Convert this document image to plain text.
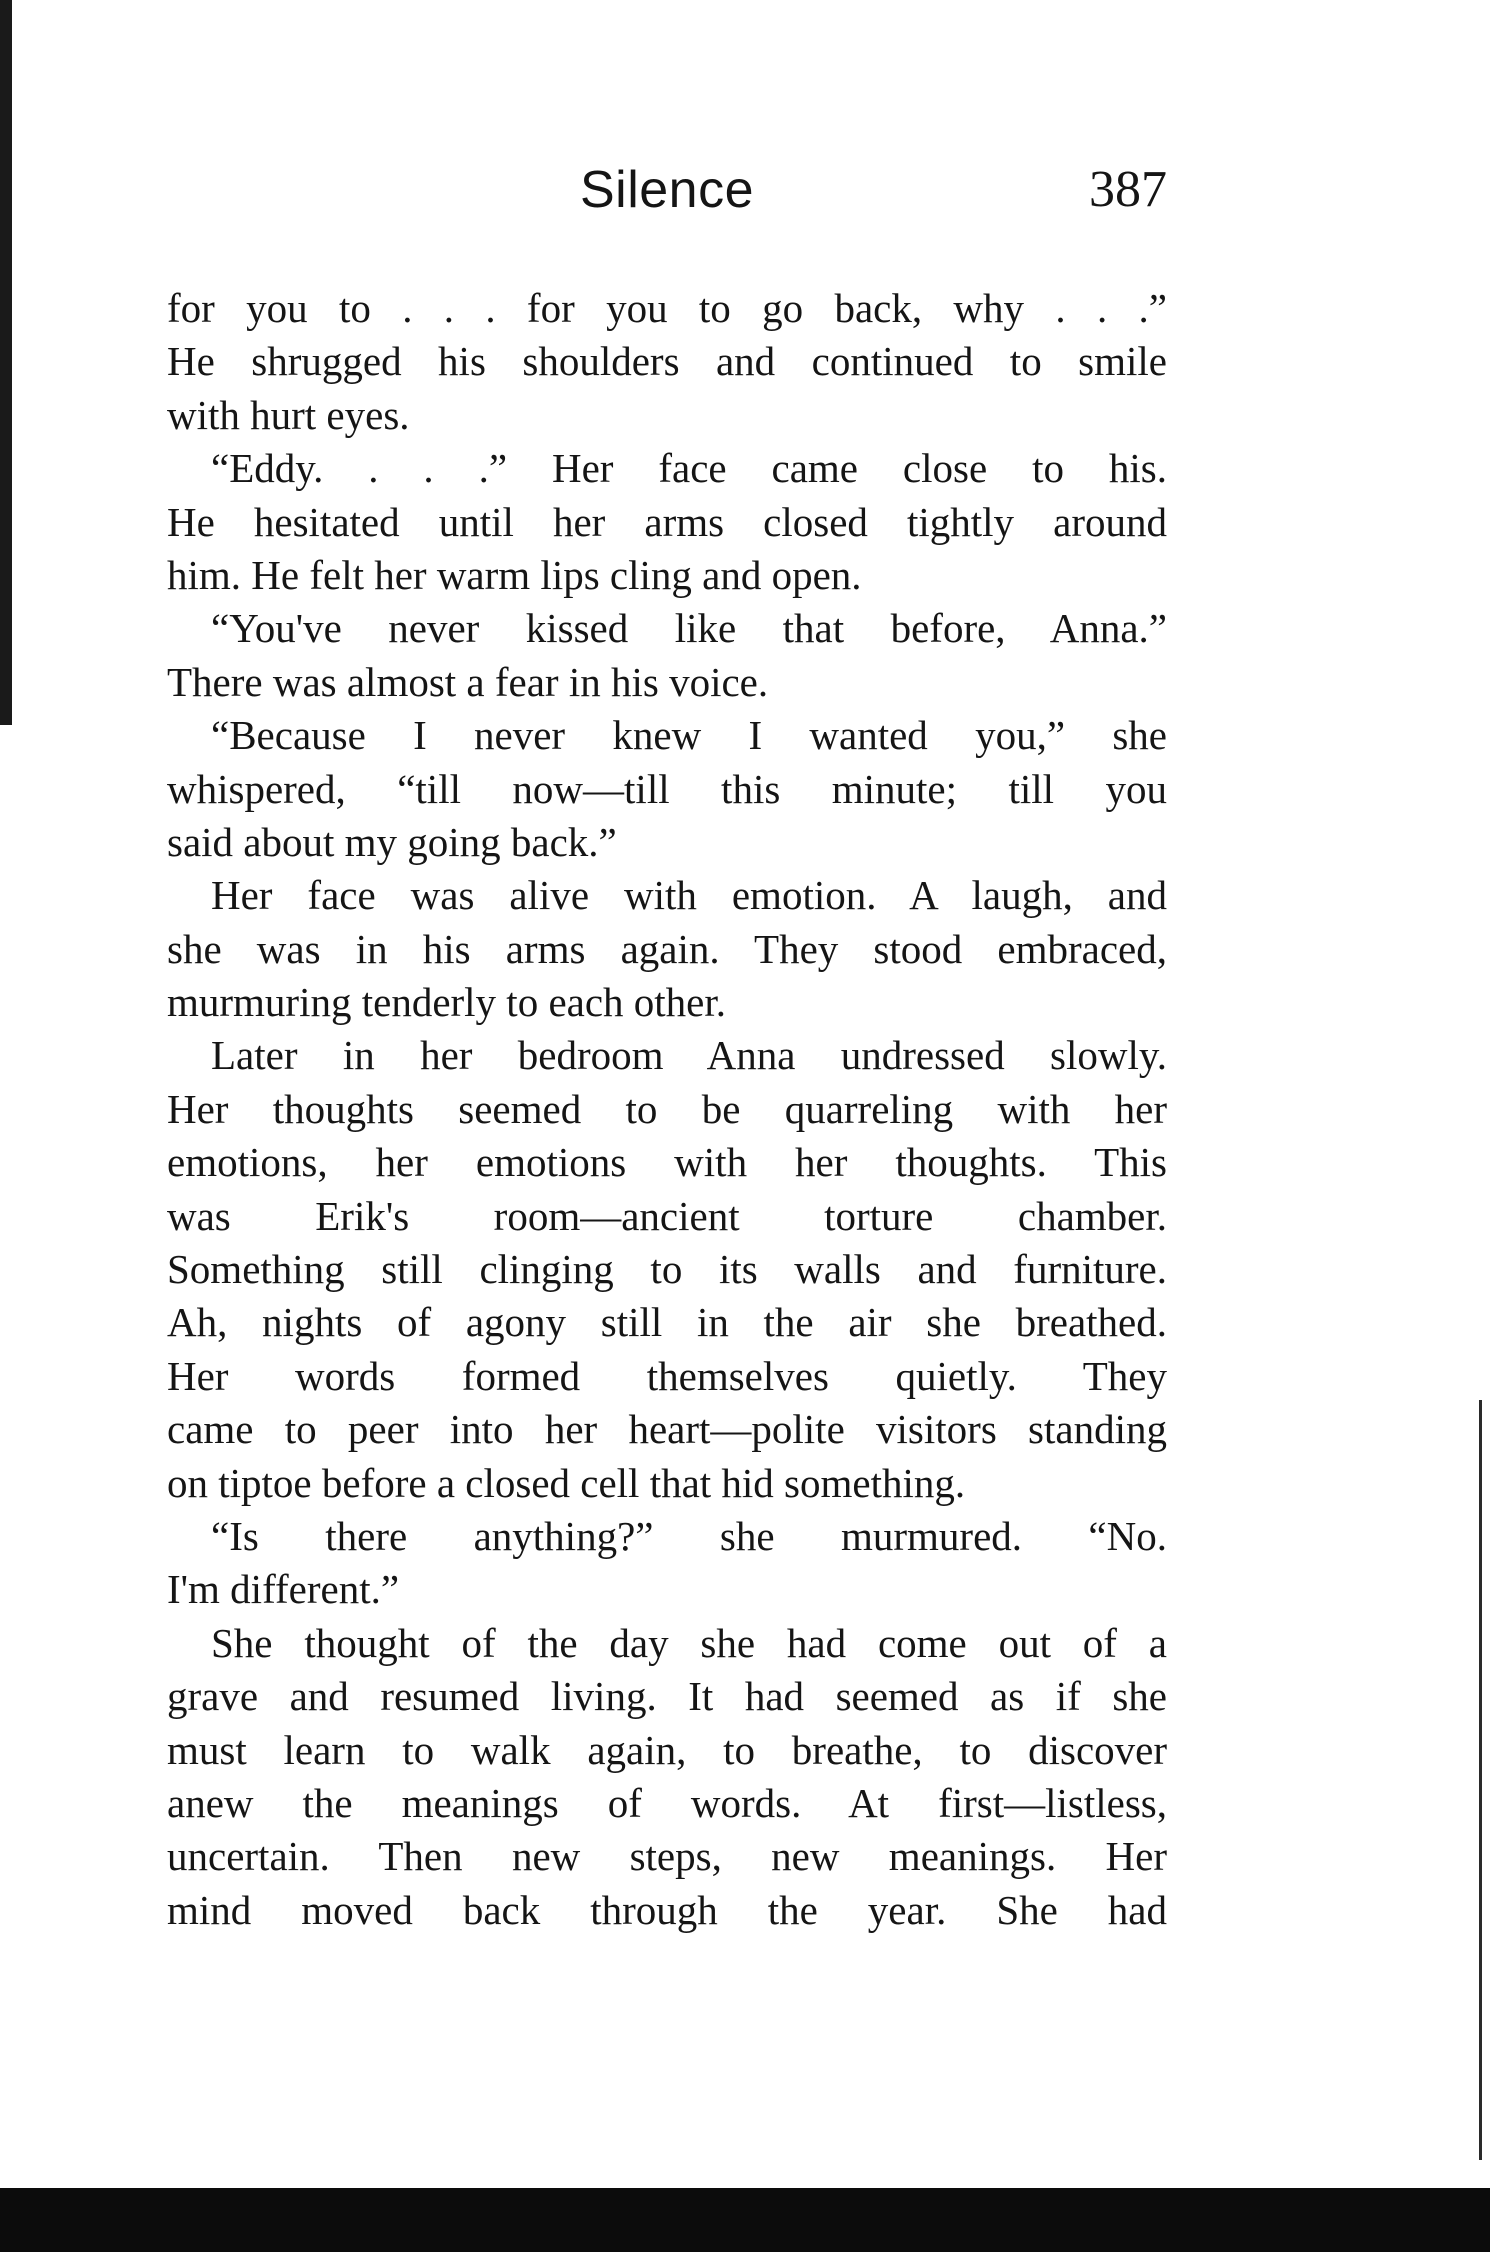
Silence	387
for you to . . . for you to go back, why . . .”
He shrugged his shoulders and continued to smile
with hurt eyes.
“Eddy. . . .” Her face came close to his.
He hesitated until her arms closed tightly around
him. He felt her warm lips cling and open.
“You've never kissed like that before, Anna.”
There was almost a fear in his voice.
“Because I never knew I wanted you,” she
whispered, “till now—till this minute; till you
said about my going back.”
Her face was alive with emotion. A laugh, and
she was in his arms again. They stood embraced,
murmuring tenderly to each other.
Later in her bedroom Anna undressed slowly.
Her thoughts seemed to be quarreling with her
emotions, her emotions with her thoughts. This
was Erik's room—ancient torture chamber.
Something still clinging to its walls and furniture.
Ah, nights of agony still in the air she breathed.
Her words formed themselves quietly. They
came to peer into her heart—polite visitors standing
on tiptoe before a closed cell that hid something.
“Is there anything?” she murmured. “No.
I'm different.”
She thought of the day she had come out of a
grave and resumed living. It had seemed as if she
must learn to walk again, to breathe, to discover
anew the meanings of words. At first—listless,
uncertain. Then new steps, new meanings. Her
mind moved back through the year. She had
